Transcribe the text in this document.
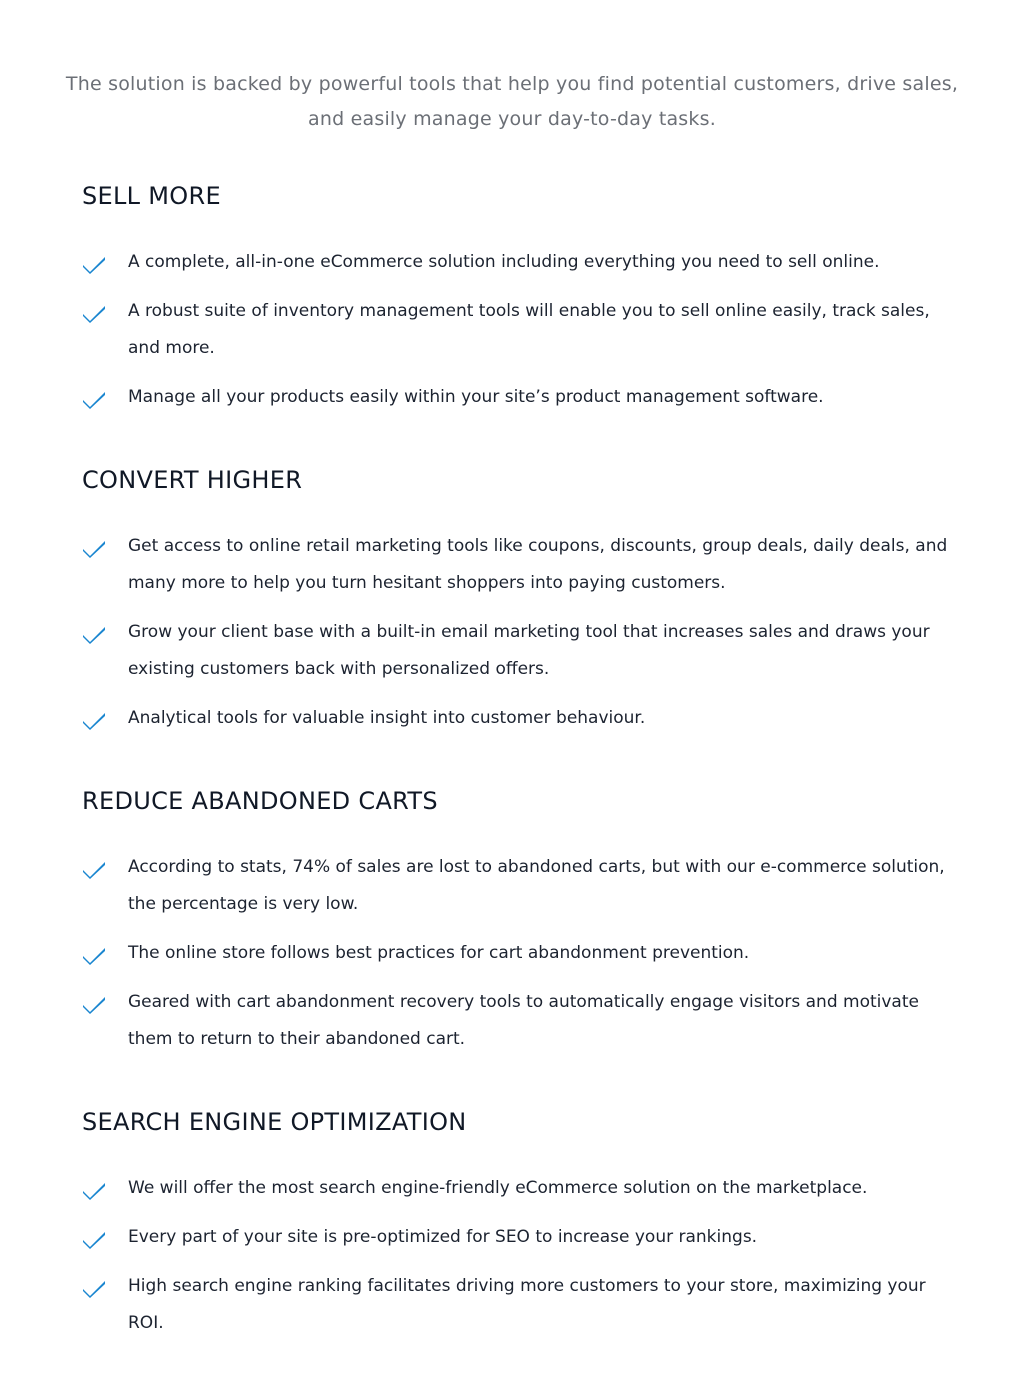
The solution is backed by powerful tools that help you find potential customers, drive sales, and easily manage your day-to-day tasks.

SELL MORE
A complete, all-in-one eCommerce solution including everything you need to sell online.
A robust suite of inventory management tools will enable you to sell online easily, track sales, and more.
Manage all your products easily within your site’s product management software.
CONVERT HIGHER
Get access to online retail marketing tools like coupons, discounts, group deals, daily deals, and many more to help you turn hesitant shoppers into paying customers.
Grow your client base with a built-in email marketing tool that increases sales and draws your existing customers back with personalized offers.
Analytical tools for valuable insight into customer behaviour.
REDUCE ABANDONED CARTS
According to stats, 74% of sales are lost to abandoned carts, but with our e-commerce solution, the percentage is very low.
The online store follows best practices for cart abandonment prevention.
Geared with cart abandonment recovery tools to automatically engage visitors and motivate them to return to their abandoned cart.
SEARCH ENGINE OPTIMIZATION
We will offer the most search engine-friendly eCommerce solution on the marketplace.
Every part of your site is pre-optimized for SEO to increase your rankings.
High search engine ranking facilitates driving more customers to your store, maximizing your ROI.
